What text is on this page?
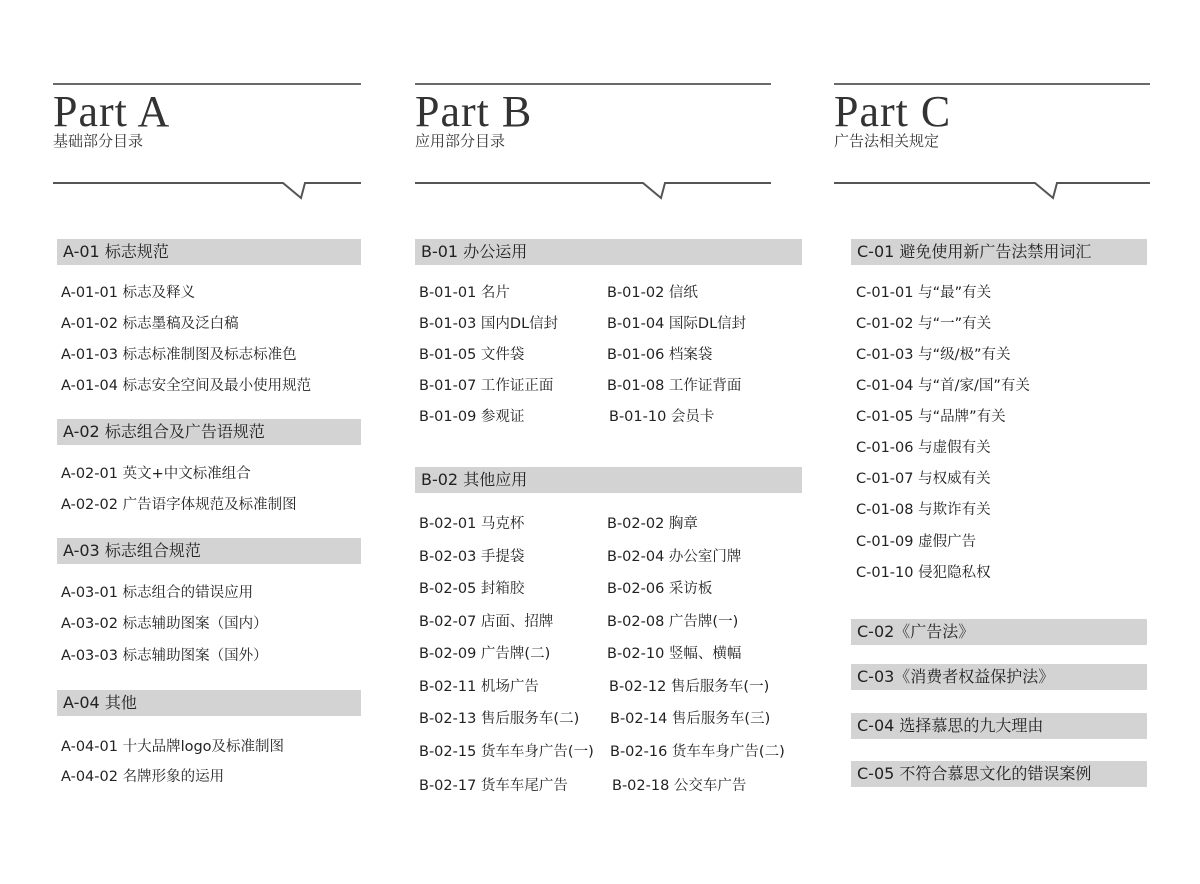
Part A
基础部分目录
A-01 标志规范
A-01-01 标志及释义
A-01-02 标志墨稿及泛白稿
A-01-03 标志标准制图及标志标准色
A-01-04 标志安全空间及最小使用规范
A-02 标志组合及广告语规范
A-02-01 英文+中文标准组合
A-02-02 广告语字体规范及标准制图
A-03 标志组合规范
A-03-01 标志组合的错误应用
A-03-02 标志辅助图案（国内）
A-03-03 标志辅助图案（国外）
A-04 其他
A-04-01 十大品牌logo及标准制图
A-04-02 名牌形象的运用
Part B
应用部分目录
B-01 办公运用
B-01-01 名片	B-01-02 信纸
B-01-03 国内DL信封	B-01-04 国际DL信封
B-01-05 文件袋	B-01-06 档案袋
B-01-07 工作证正面	B-01-08 工作证背面
B-01-09 参观证	B-01-10 会员卡
B-02 其他应用
B-02-01 马克杯	B-02-02 胸章
B-02-03 手提袋	B-02-04 办公室门牌
B-02-05 封箱胶	B-02-06 采访板
B-02-07 店面、招牌	B-02-08 广告牌(一)
B-02-09 广告牌(二)	B-02-10 竖幅、横幅
B-02-11 机场广告	B-02-12 售后服务车(一)
B-02-13 售后服务车(二) B-02-14 售后服务车(三)
B-02-15 货车车身广告(一) B-02-16 货车车身广告(二)
B-02-17 货车车尾广告	B-02-18 公交车广告
Part C
广告法相关规定
C-01 避免使用新广告法禁用词汇
C-01-01 与“最”有关
C-01-02 与“一”有关
C-01-03 与“级/极”有关
C-01-04 与“首/家/国”有关
C-01-05 与“品牌”有关
C-01-06 与虚假有关
C-01-07 与权威有关
C-01-08 与欺诈有关
C-01-09 虚假广告
C-01-10 侵犯隐私权
C-02《广告法》
C-03《消费者权益保护法》
C-04 选择慕思的九大理由
C-05 不符合慕思文化的错误案例
